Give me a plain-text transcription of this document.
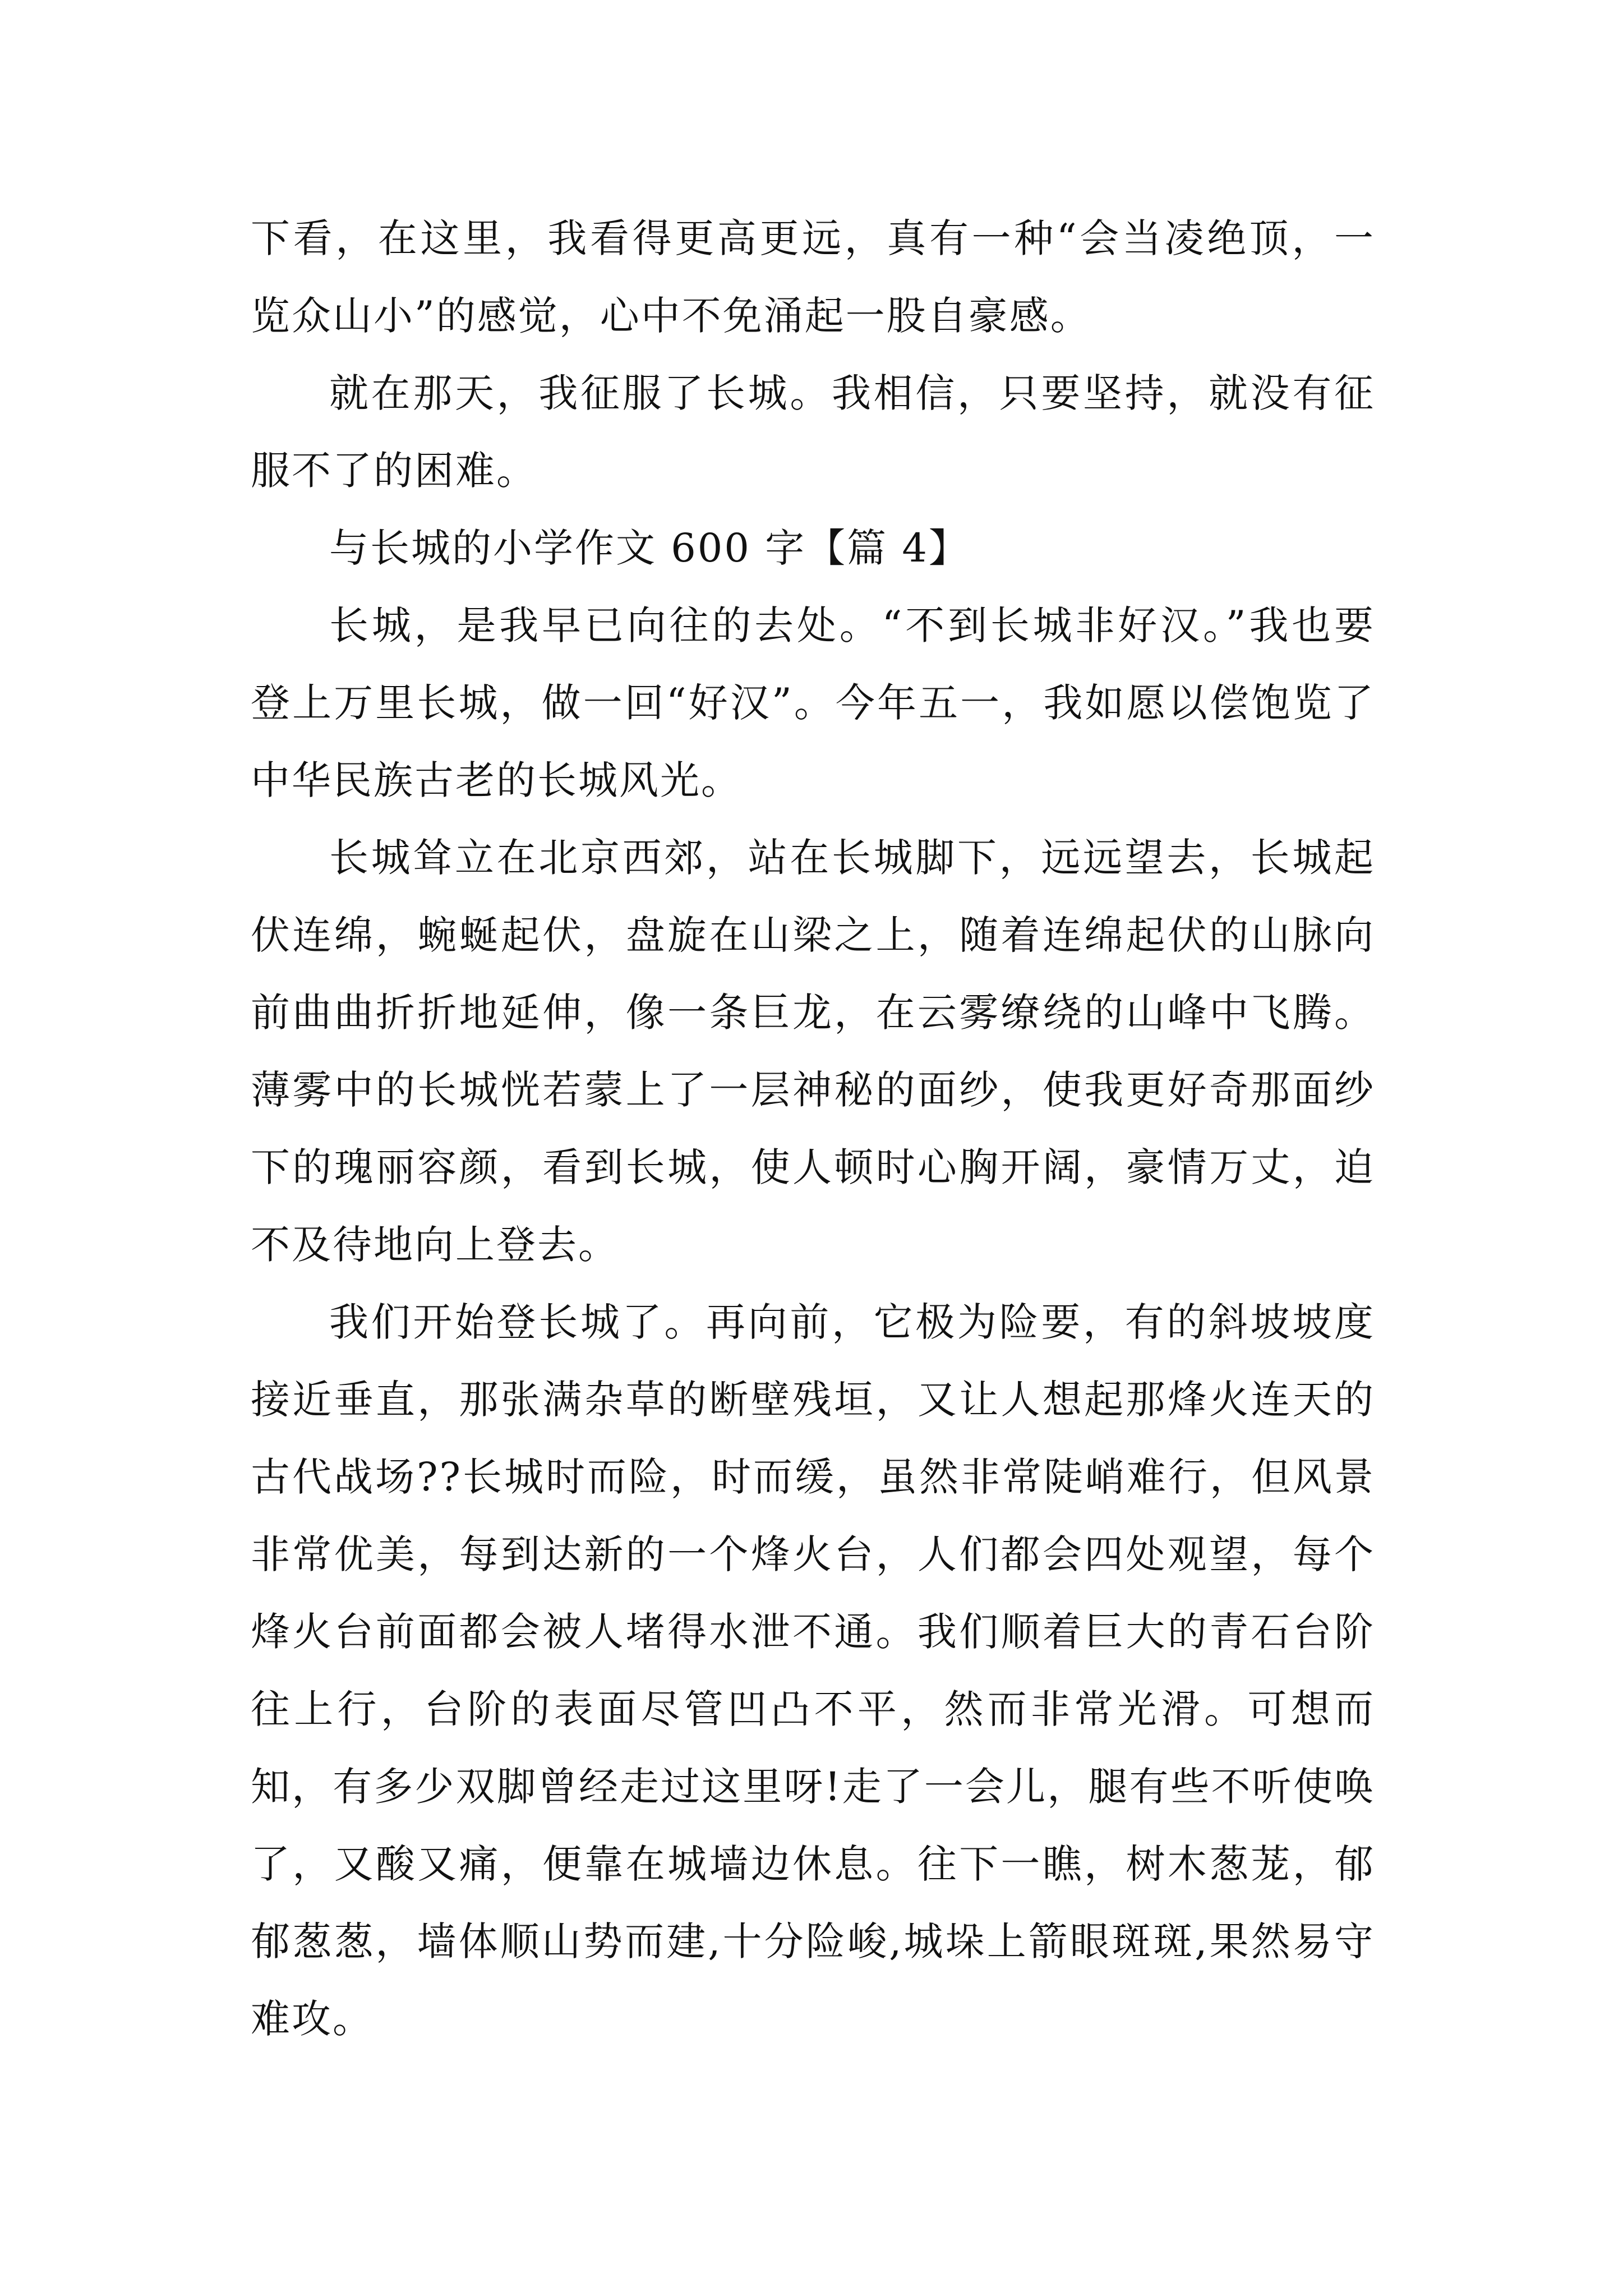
下看，在这里，我看得更高更远，真有一种“会当凌绝顶，一览众山小”的感觉，心中不免涌起一股自豪感。

就在那天，我征服了长城。我相信，只要坚持，就没有征服不了的困难。

与长城的小学作文 600 字【篇 4】

长城，是我早已向往的去处。“不到长城非好汉。”我也要登上万里长城，做一回“好汉”。今年五一，我如愿以偿饱览了中华民族古老的长城风光。

长城耸立在北京西郊，站在长城脚下，远远望去，长城起伏连绵，蜿蜒起伏，盘旋在山梁之上，随着连绵起伏的山脉向前曲曲折折地延伸，像一条巨龙，在云雾缭绕的山峰中飞腾。薄雾中的长城恍若蒙上了一层神秘的面纱，使我更好奇那面纱下的瑰丽容颜，看到长城，使人顿时心胸开阔，豪情万丈，迫不及待地向上登去。

我们开始登长城了。再向前，它极为险要，有的斜坡坡度接近垂直，那张满杂草的断壁残垣，又让人想起那烽火连天的古代战场??长城时而险，时而缓，虽然非常陡峭难行，但风景非常优美，每到达新的一个烽火台，人们都会四处观望，每个烽火台前面都会被人堵得水泄不通。我们顺着巨大的青石台阶往上行，台阶的表面尽管凹凸不平，然而非常光滑。可想而知，有多少双脚曾经走过这里呀!走了一会儿，腿有些不听使唤了，又酸又痛，便靠在城墙边休息。往下一瞧，树木葱茏，郁郁葱葱，墙体顺山势而建,十分险峻,城垛上箭眼斑斑,果然易守难攻。
